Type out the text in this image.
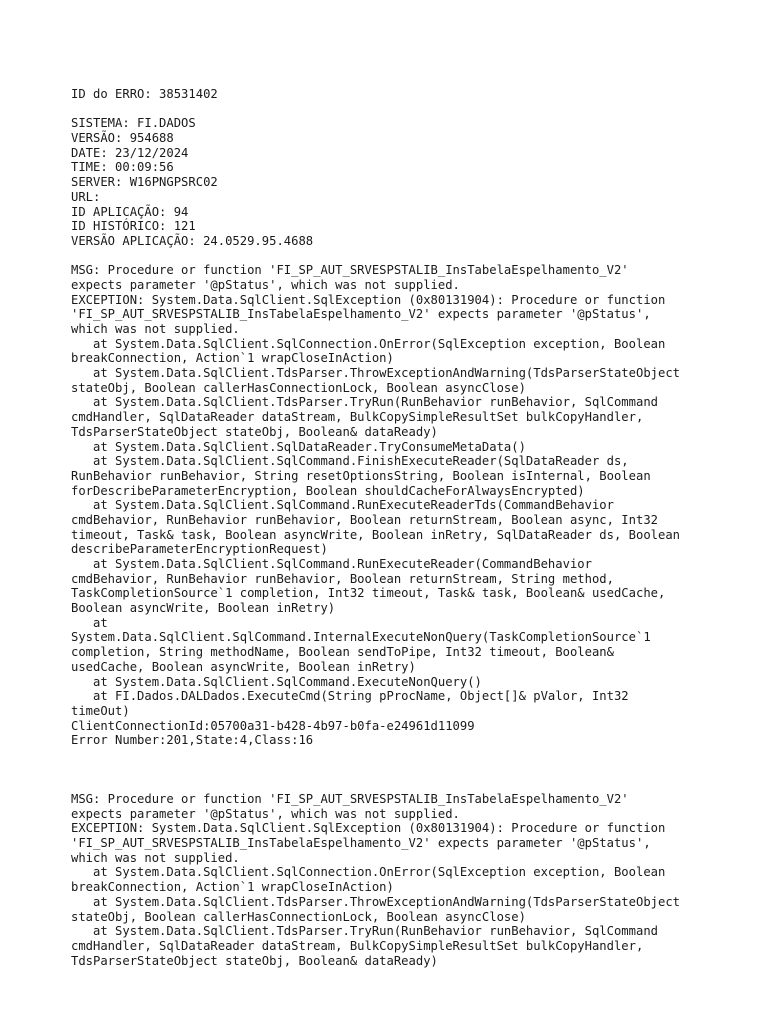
ID do ERRO: 38531402
SISTEMA: FI.DADOS
VERSÃO: 954688
DATE: 23/12/2024
TIME: 00:09:56
SERVER: W16PNGPSRC02
URL:
ID APLICAÇÃO: 94
ID HISTÓRICO: 121
VERSÃO APLICAÇÃO: 24.0529.95.4688
MSG: Procedure or function 'FI_SP_AUT_SRVESPSTALIB_InsTabelaEspelhamento_V2'
expects parameter '@pStatus', which was not supplied.
EXCEPTION: System.Data.SqlClient.SqlException (0x80131904): Procedure or function
'FI_SP_AUT_SRVESPSTALIB_InsTabelaEspelhamento_V2' expects parameter '@pStatus',
which was not supplied.
at System.Data.SqlClient.SqlConnection.OnError(SqlException exception, Boolean
breakConnection, Action`1 wrapCloseInAction)
at System.Data.SqlClient.TdsParser.ThrowExceptionAndWarning(TdsParserStateObject
stateObj, Boolean callerHasConnectionLock, Boolean asyncClose)
at System.Data.SqlClient.TdsParser.TryRun(RunBehavior runBehavior, SqlCommand
cmdHandler, SqlDataReader dataStream, BulkCopySimpleResultSet bulkCopyHandler,
TdsParserStateObject stateObj, Boolean& dataReady)
at System.Data.SqlClient.SqlDataReader.TryConsumeMetaData()
at System.Data.SqlClient.SqlCommand.FinishExecuteReader(SqlDataReader ds,
RunBehavior runBehavior, String resetOptionsString, Boolean isInternal, Boolean
forDescribeParameterEncryption, Boolean shouldCacheForAlwaysEncrypted)
at System.Data.SqlClient.SqlCommand.RunExecuteReaderTds(CommandBehavior
cmdBehavior, RunBehavior runBehavior, Boolean returnStream, Boolean async, Int32
timeout, Task& task, Boolean asyncWrite, Boolean inRetry, SqlDataReader ds, Boolean
describeParameterEncryptionRequest)
at System.Data.SqlClient.SqlCommand.RunExecuteReader(CommandBehavior
cmdBehavior, RunBehavior runBehavior, Boolean returnStream, String method,
TaskCompletionSource`1 completion, Int32 timeout, Task& task, Boolean& usedCache,
Boolean asyncWrite, Boolean inRetry)
at
System.Data.SqlClient.SqlCommand.InternalExecuteNonQuery(TaskCompletionSource`1
completion, String methodName, Boolean sendToPipe, Int32 timeout, Boolean&
usedCache, Boolean asyncWrite, Boolean inRetry)
at System.Data.SqlClient.SqlCommand.ExecuteNonQuery()
at FI.Dados.DALDados.ExecuteCmd(String pProcName, Object[]& pValor, Int32
timeOut)
ClientConnectionId:05700a31-b428-4b97-b0fa-e24961d11099
Error Number:201,State:4,Class:16
MSG: Procedure or function 'FI_SP_AUT_SRVESPSTALIB_InsTabelaEspelhamento_V2'
expects parameter '@pStatus', which was not supplied.
EXCEPTION: System.Data.SqlClient.SqlException (0x80131904): Procedure or function
'FI_SP_AUT_SRVESPSTALIB_InsTabelaEspelhamento_V2' expects parameter '@pStatus',
which was not supplied.
at System.Data.SqlClient.SqlConnection.OnError(SqlException exception, Boolean
breakConnection, Action`1 wrapCloseInAction)
at System.Data.SqlClient.TdsParser.ThrowExceptionAndWarning(TdsParserStateObject
stateObj, Boolean callerHasConnectionLock, Boolean asyncClose)
at System.Data.SqlClient.TdsParser.TryRun(RunBehavior runBehavior, SqlCommand
cmdHandler, SqlDataReader dataStream, BulkCopySimpleResultSet bulkCopyHandler,
TdsParserStateObject stateObj, Boolean& dataReady)
